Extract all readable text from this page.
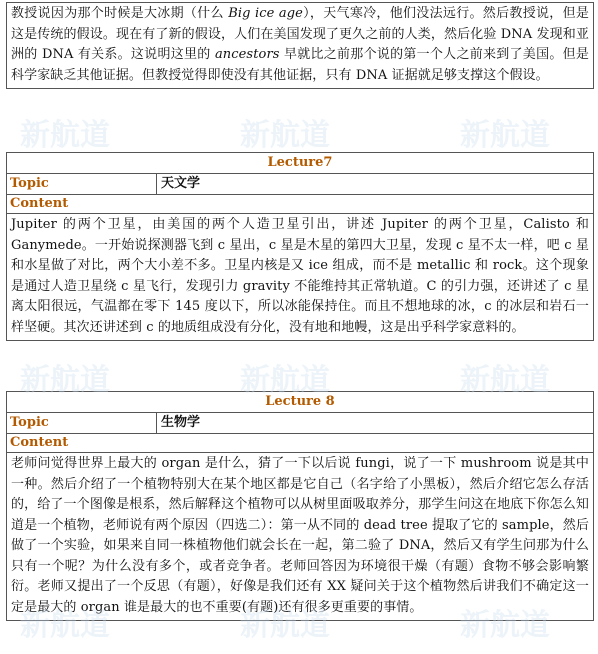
教授说因为那个时候是大冰期（什么 Big ice age），天气寒冷，他们没法远行。然后教授说，但是这是传统的假设。现在有了新的假设，人们在美国发现了更久之前的人类，然后化验 DNA 发现和亚洲的 DNA 有关系。这说明这里的 ancestors 早就比之前那个说的第一个人之前来到了美国。但是科学家缺乏其他证据。但教授觉得即使没有其他证据，只有 DNA 证据就足够支撑这个假设。
Lecture7
Topic	天文学
Content
Jupiter 的两个卫星，由美国的两个人造卫星引出，讲述 Jupiter 的两个卫星，Calisto 和 Ganymede。一开始说探测器飞到 c 星出，c 星是木星的第四大卫星，发现 c 星不太一样，吧 c 星和水星做了对比，两个大小差不多。卫星内核是又 ice 组成，而不是 metallic 和 rock。这个现象是通过人造卫星绕 c 星飞行，发现引力 gravity 不能维持其正常轨道。C 的引力强，还讲述了 c 星离太阳很远，气温都在零下 145 度以下，所以冰能保持住。而且不想地球的冰，c 的冰层和岩石一样坚硬。其次还讲述到 c 的地质组成没有分化，没有地和地幔，这是出乎科学家意料的。
Lecture 8
Topic	生物学
Content
老师问觉得世界上最大的 organ 是什么，猜了一下以后说 fungi，说了一下 mushroom 说是其中一种。然后介绍了一个植物特别大在某个地区都是它自己（名字给了小黑板），然后介绍它怎么存活的，给了一个图像是根系，然后解释这个植物可以从树里面吸取养分，那学生问这在地底下你怎么知道是一个植物，老师说有两个原因（四选二）：第一从不同的 dead tree 提取了它的 sample，然后做了一个实验，如果来自同一株植物他们就会长在一起，第二验了 DNA，然后又有学生问那为什么只有一个呢？为什么没有多个，或者竞争者。老师回答因为环境很干燥（有题）食物不够会影响繁衍。老师又提出了一个反思（有题），好像是我们还有 XX 疑问关于这个植物然后讲我们不确定这一定是最大的 organ 谁是最大的也不重要(有题)还有很多更重要的事情。
新航道	新航道	新航道
新航道	新航道	新航道
新航道	新航道	新航道
